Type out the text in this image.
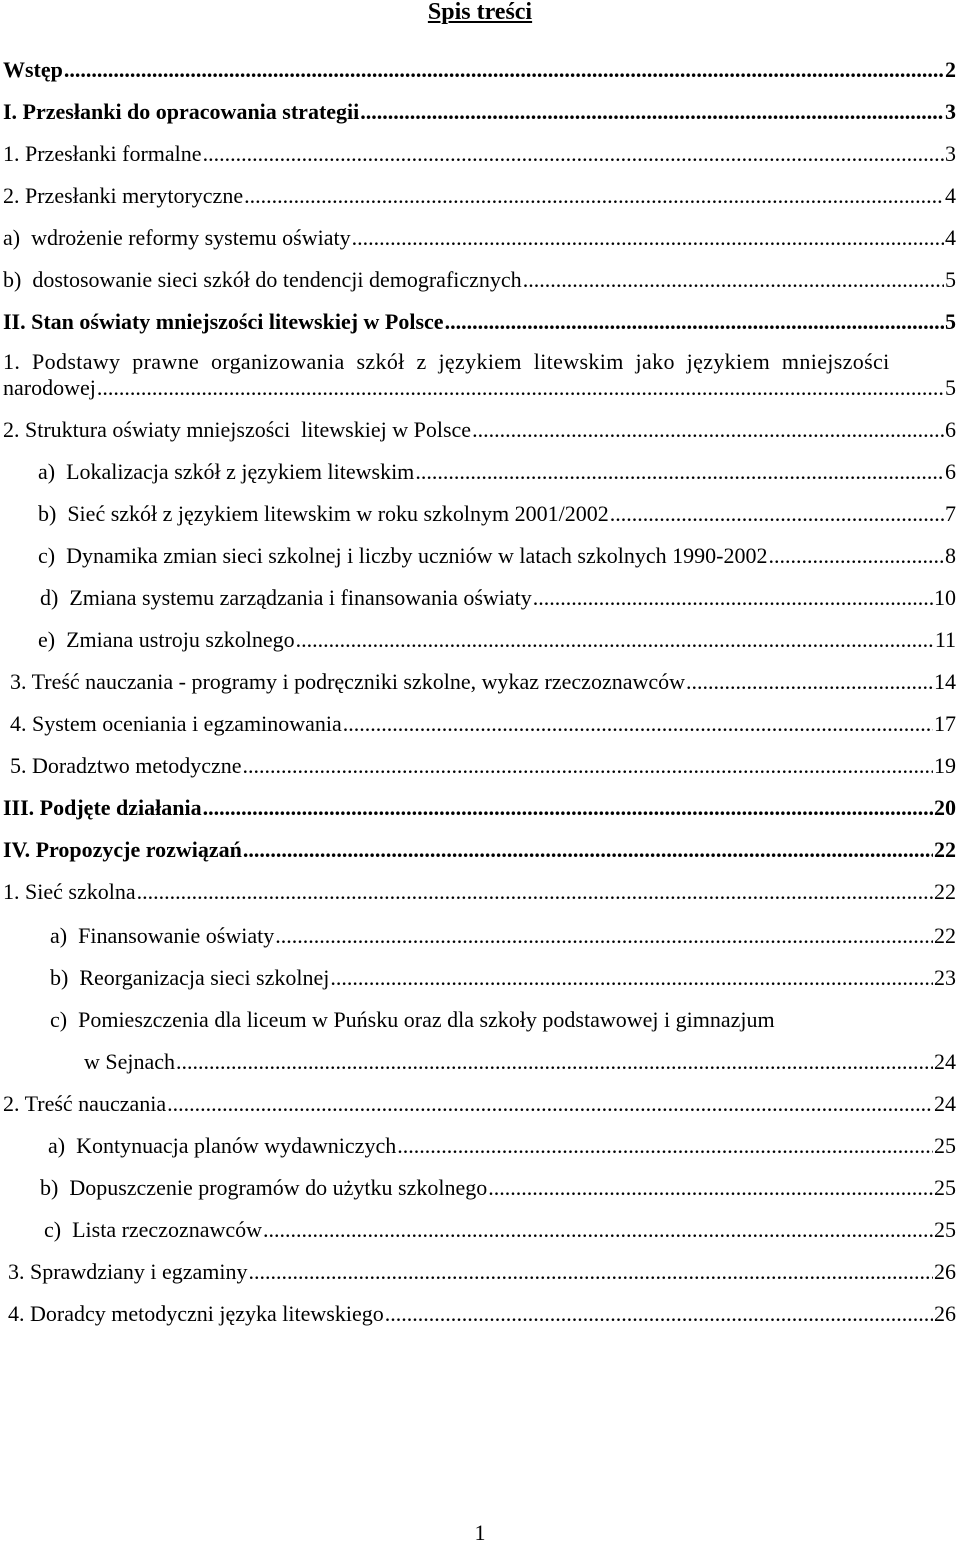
Spis treści
Wstęp .....	2
I. Przesłanki do opracowania strategii .....	3
1. Przesłanki formalne .....	3
2. Przesłanki merytoryczne .....	4
a)  wdrożenie reformy systemu oświaty .....	4
b)  dostosowanie sieci szkół do tendencji demograficznych .....	5
II. Stan oświaty mniejszości litewskiej w Polsce .....	5
1. Podstawy prawne organizowania szkół z językiem litewskim jako językiem mniejszości
narodowej .....	5
2. Struktura oświaty mniejszości  litewskiej w Polsce .....	6
a)  Lokalizacja szkół z językiem litewskim .....	6
b)  Sieć szkół z językiem litewskim w roku szkolnym 2001/2002 .....	7
c)  Dynamika zmian sieci szkolnej i liczby uczniów w latach szkolnych 1990-2002 .....	8
d)  Zmiana systemu zarządzania i finansowania oświaty .....	10
e)  Zmiana ustroju szkolnego .....	11
3. Treść nauczania - programy i podręczniki szkolne, wykaz rzeczoznawców .....	14
4. System oceniania i egzaminowania .....	17
5. Doradztwo metodyczne .....	19
III. Podjęte działania .....	20
IV. Propozycje rozwiązań .....	22
1. Sieć szkolna .....	22
a)  Finansowanie oświaty .....	22
b)  Reorganizacja sieci szkolnej .....	23
c)  Pomieszczenia dla liceum w Puńsku oraz dla szkoły podstawowej i gimnazjum
w Sejnach .....	24
2. Treść nauczania .....	24
a)  Kontynuacja planów wydawniczych .....	25
b)  Dopuszczenie programów do użytku szkolnego .....	25
c)  Lista rzeczoznawców .....	25
3. Sprawdziany i egzaminy .....	26
4. Doradcy metodyczni języka litewskiego .....	26
1
